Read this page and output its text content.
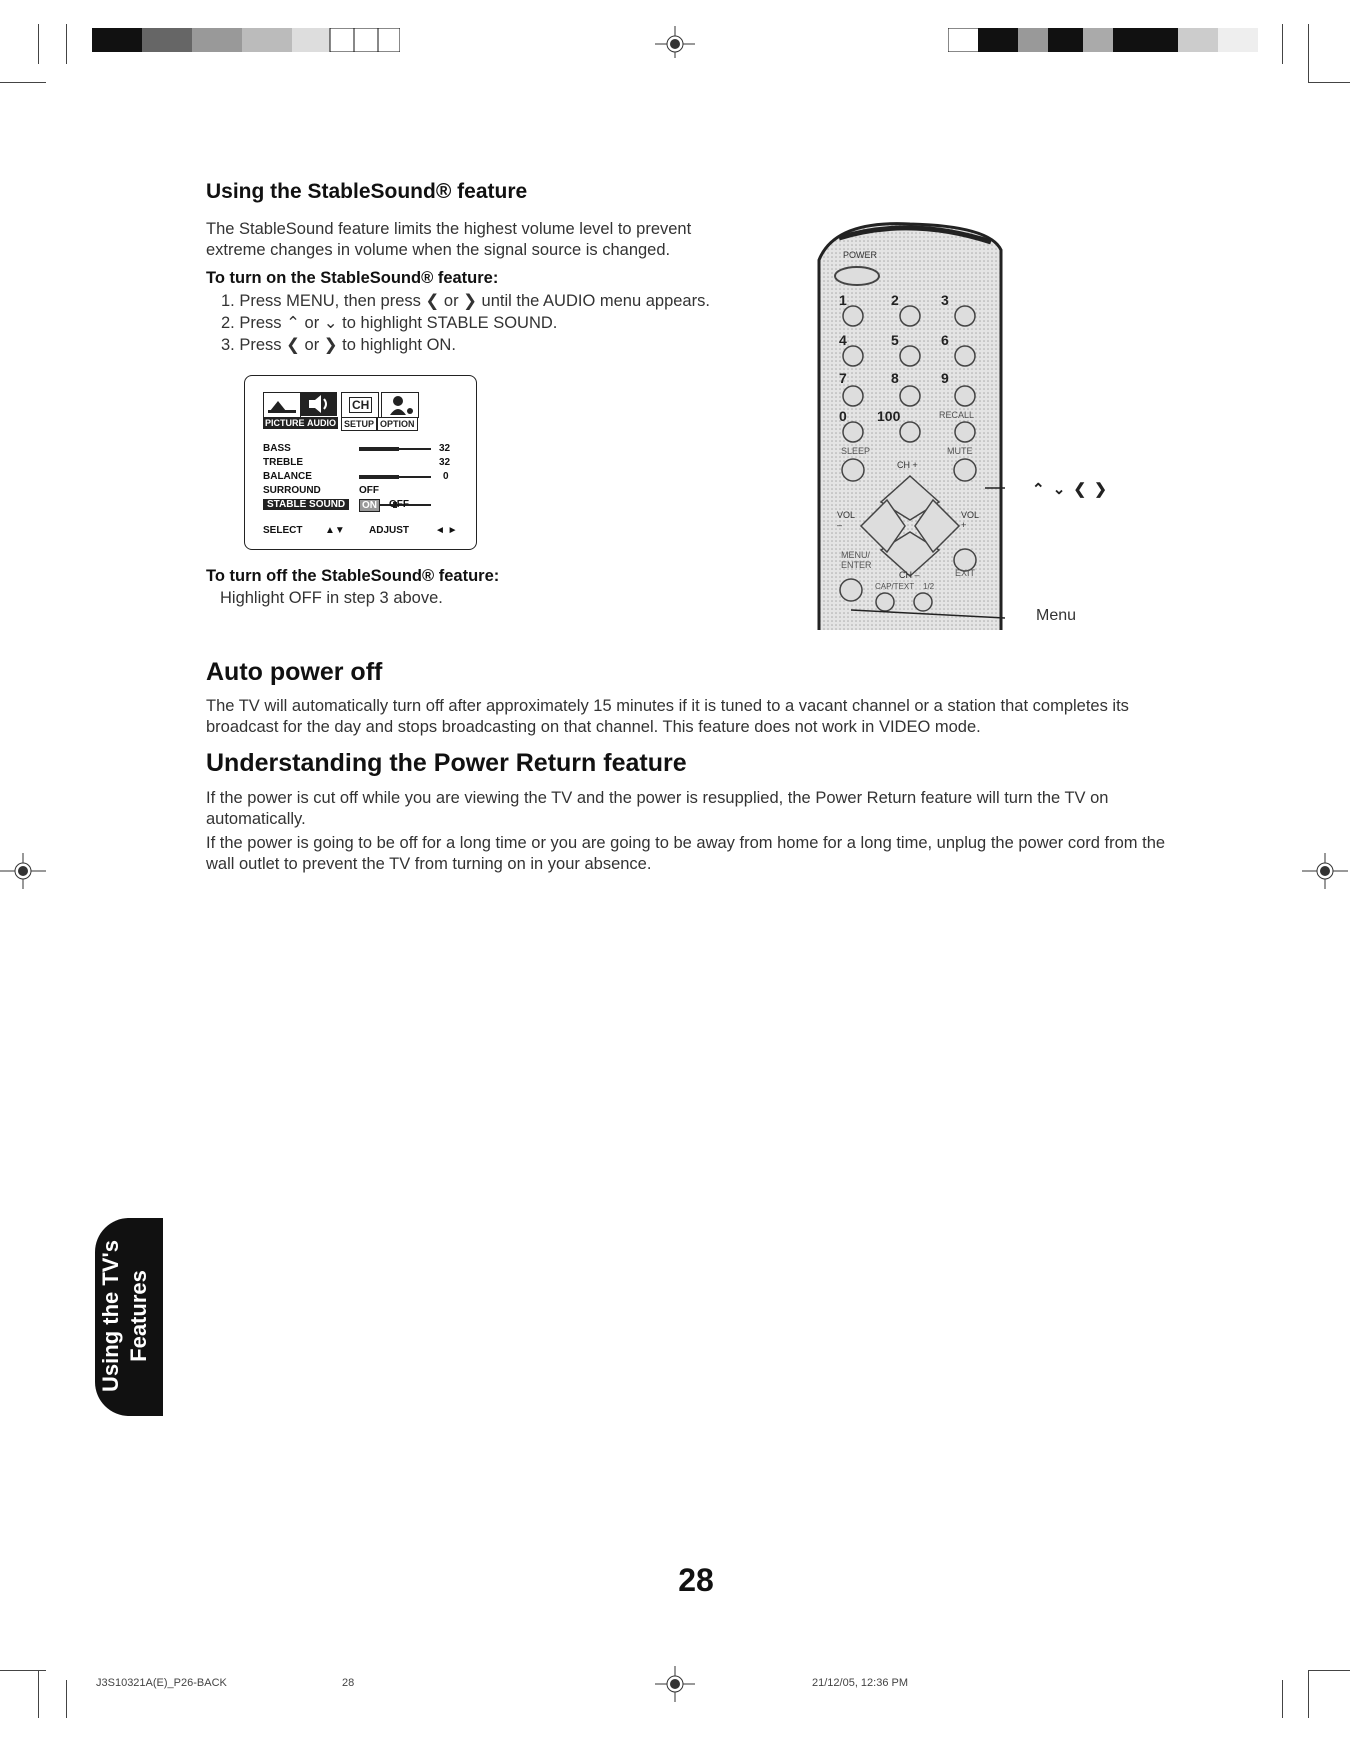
Using the StableSound® feature

The StableSound feature limits the highest volume level to prevent extreme changes in volume when the signal source is changed.

To turn on the StableSound® feature:

1. Press MENU, then press ❮ or ❯ until the AUDIO menu appears.
2. Press ⌃ or ⌄ to highlight STABLE SOUND.
3. Press ❮ or ❯ to highlight ON.
CH
PICTURE AUDIO SETUP OPTION
BASS	32
TREBLE	32
BALANCE	0
SURROUND	OFF
STABLE SOUND	ON	OFF
SELECT ▲▼ ADJUST	◄ ►

To turn off the StableSound® feature:

Highlight OFF in step 3 above.

POWER
1	2	3
4	5	6
7	8	9
0 100	RECALL
SLEEP	MUTE
CH +
VOL –
VOL +
MENU/ ENTER
CH –	EXIT
CAP/TEXT 1/2
⌃ ⌄ ❮ ❯
Menu
Auto power off

The TV will automatically turn off after approximately 15 minutes if it is tuned to a vacant channel or a station that completes its broadcast for the day and stops broadcasting on that channel. This feature does not work in VIDEO mode.

Understanding the Power Return feature

If the power is cut off while you are viewing the TV and the power is resupplied, the Power Return feature will turn the TV on automatically.

If the power is going to be off for a long time or you are going to be away from home for a long time, unplug the power cord from the wall outlet to prevent the TV from turning on in your absence.

Using the TV's Features
28
J3S10321A(E)_P26-BACK	28	21/12/05, 12:36 PM
